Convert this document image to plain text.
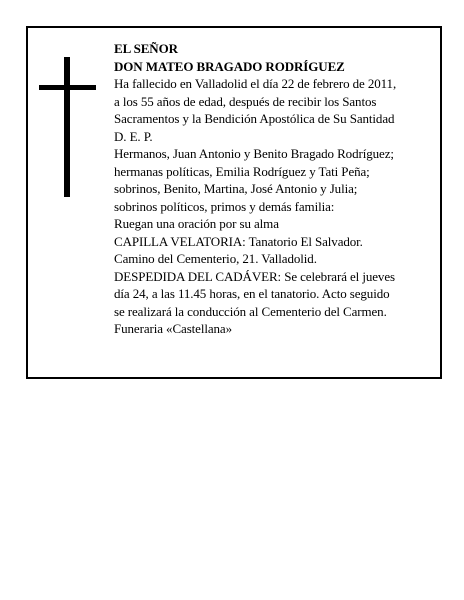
EL SEÑOR
DON MATEO BRAGADO RODRÍGUEZ
Ha fallecido en Valladolid el día 22 de febrero de 2011,
a los 55 años de edad, después de recibir los Santos
Sacramentos y la Bendición Apostólica de Su Santidad
D. E. P.
Hermanos, Juan Antonio y Benito Bragado Rodríguez;
hermanas políticas, Emilia Rodríguez y Tati Peña;
sobrinos, Benito, Martina, José Antonio y Julia;
sobrinos políticos, primos y demás familia:
Ruegan una oración por su alma
CAPILLA VELATORIA: Tanatorio El Salvador.
Camino del Cementerio, 21. Valladolid.
DESPEDIDA DEL CADÁVER: Se celebrará el jueves
día 24, a las 11.45 horas, en el tanatorio. Acto seguido
se realizará la conducción al Cementerio del Carmen.
Funeraria «Castellana»
